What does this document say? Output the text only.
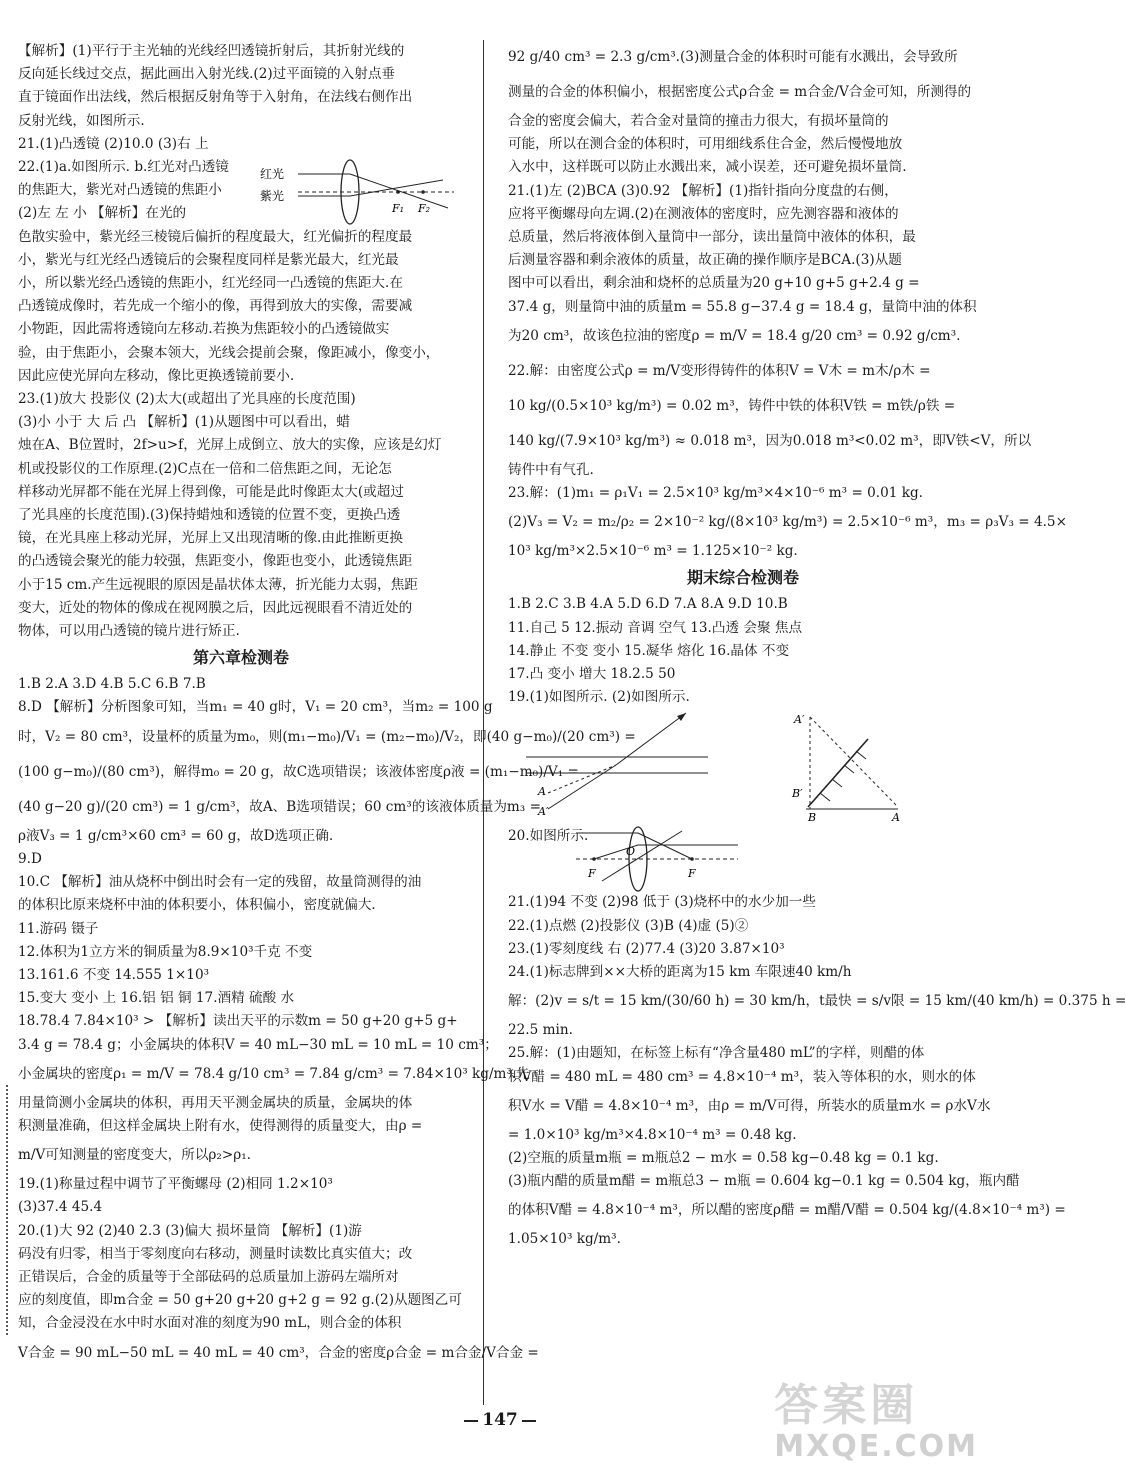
【解析】(1)平行于主光轴的光线经凹透镜折射后，其折射光线的
反向延长线过交点，据此画出入射光线.(2)过平面镜的入射点垂
直于镜面作出法线，然后根据反射角等于入射角，在法线右侧作出
反射光线，如图所示.
21.(1)凸透镜 (2)10.0 (3)右 上
22.(1)a.如图所示. b.红光对凸透镜
的焦距大，紫光对凸透镜的焦距小
(2)左 左 小 【解析】在光的
红光
紫光
F₁ F₂
色散实验中，紫光经三棱镜后偏折的程度最大，红光偏折的程度最
小，紫光与红光经凸透镜后的会聚程度同样是紫光最大，红光最
小，所以紫光经凸透镜的焦距小，红光经同一凸透镜的焦距大.在
凸透镜成像时，若先成一个缩小的像，再得到放大的实像，需要减
小物距，因此需将透镜向左移动.若换为焦距较小的凸透镜做实
验，由于焦距小，会聚本领大，光线会提前会聚，像距减小，像变小，
因此应使光屏向左移动，像比更换透镜前要小.
23.(1)放大 投影仪 (2)太大(或超出了光具座的长度范围)
(3)小 小于 大 后 凸 【解析】(1)从题图中可以看出，蜡
烛在A、B位置时，2f>u>f，光屏上成倒立、放大的实像，应该是幻灯
机或投影仪的工作原理.(2)C点在一倍和二倍焦距之间，无论怎
样移动光屏都不能在光屏上得到像，可能是此时像距太大(或超过
了光具座的长度范围).(3)保持蜡烛和透镜的位置不变，更换凸透
镜，在光具座上移动光屏，光屏上又出现清晰的像.由此推断更换
的凸透镜会聚光的能力较强，焦距变小，像距也变小，此透镜焦距
小于15 cm.产生远视眼的原因是晶状体太薄，折光能力太弱，焦距
变大，近处的物体的像成在视网膜之后，因此远视眼看不清近处的
物体，可以用凸透镜的镜片进行矫正.
第六章检测卷
1.B 2.A 3.D 4.B 5.C 6.B 7.B
8.D 【解析】分析图象可知，当m₁ = 40 g时，V₁ = 20 cm³，当m₂ = 100 g
时，V₂ = 80 cm³，设量杯的质量为m₀，则(m₁−m₀)/V₁ = (m₂−m₀)/V₂，即(40 g−m₀)/(20 cm³) =
(100 g−m₀)/(80 cm³)，解得m₀ = 20 g，故C选项错误；该液体密度ρ液 = (m₁−m₀)/V₁ =
(40 g−20 g)/(20 cm³) = 1 g/cm³，故A、B选项错误；60 cm³的该液体质量为m₃ =
ρ液V₃ = 1 g/cm³×60 cm³ = 60 g，故D选项正确.
9.D
10.C 【解析】油从烧杯中倒出时会有一定的残留，故量筒测得的油
的体积比原来烧杯中油的体积要小，体积偏小，密度就偏大.
11.游码 镊子
12.体积为1立方米的铜质量为8.9×10³千克 不变
13.161.6 不变 14.555 1×10³
15.变大 变小 上 16.铝 铝 铜 17.酒精 硫酸 水
18.78.4 7.84×10³ > 【解析】读出天平的示数m = 50 g+20 g+5 g+
3.4 g = 78.4 g；小金属块的体积V = 40 mL−30 mL = 10 mL = 10 cm³；
小金属块的密度ρ₁ = m/V = 78.4 g/10 cm³ = 7.84 g/cm³ = 7.84×10³ kg/m³.先
用量筒测小金属块的体积，再用天平测金属块的质量，金属块的体
积测量准确，但这样金属块上附有水，使得测得的质量变大，由ρ =
m/V可知测量的密度变大，所以ρ₂>ρ₁.
19.(1)称量过程中调节了平衡螺母 (2)相同 1.2×10³
(3)37.4 45.4
20.(1)大 92 (2)40 2.3 (3)偏大 损坏量筒 【解析】(1)游
码没有归零，相当于零刻度向右移动，测量时读数比真实值大；改
正错误后，合金的质量等于全部砝码的总质量加上游码左端所对
应的刻度值，即m合金 = 50 g+20 g+20 g+2 g = 92 g.(2)从题图乙可
知，合金浸没在水中时水面对准的刻度为90 mL，则合金的体积
V合金 = 90 mL−50 mL = 40 mL = 40 cm³，合金的密度ρ合金 = m合金/V合金 =
92 g/40 cm³ = 2.3 g/cm³.(3)测量合金的体积时可能有水溅出，会导致所
测量的合金的体积偏小，根据密度公式ρ合金 = m合金/V合金可知，所测得的
合金的密度会偏大，若合金对量筒的撞击力很大，有损坏量筒的
可能，所以在测合金的体积时，可用细线系住合金，然后慢慢地放
入水中，这样既可以防止水溅出来，减小误差，还可避免损坏量筒.
21.(1)左 (2)BCA (3)0.92 【解析】(1)指针指向分度盘的右侧，
应将平衡螺母向左调.(2)在测液体的密度时，应先测容器和液体的
总质量，然后将液体倒入量筒中一部分，读出量筒中液体的体积，最
后测量容器和剩余液体的质量，故正确的操作顺序是BCA.(3)从题
图中可以看出，剩余油和烧杯的总质量为20 g+10 g+5 g+2.4 g =
37.4 g，则量筒中油的质量m = 55.8 g−37.4 g = 18.4 g，量筒中油的体积
为20 cm³，故该色拉油的密度ρ = m/V = 18.4 g/20 cm³ = 0.92 g/cm³.
22.解：由密度公式ρ = m/V变形得铸件的体积V = V木 = m木/ρ木 =
10 kg/(0.5×10³ kg/m³) = 0.02 m³，铸件中铁的体积V铁 = m铁/ρ铁 =
140 kg/(7.9×10³ kg/m³) ≈ 0.018 m³，因为0.018 m³<0.02 m³，即V铁<V，所以
铸件中有气孔.
23.解：(1)m₁ = ρ₁V₁ = 2.5×10³ kg/m³×4×10⁻⁶ m³ = 0.01 kg.
(2)V₃ = V₂ = m₂/ρ₂ = 2×10⁻² kg/(8×10³ kg/m³) = 2.5×10⁻⁶ m³，m₃ = ρ₃V₃ = 4.5×
10³ kg/m³×2.5×10⁻⁶ m³ = 1.125×10⁻² kg.
期末综合检测卷
1.B 2.C 3.B 4.A 5.D 6.D 7.A 8.A 9.D 10.B
11.自己 5 12.振动 音调 空气 13.凸透 会聚 焦点
14.静止 不变 变小 15.凝华 熔化 16.晶体 不变
17.凸 变小 增大 18.2.5 50
19.(1)如图所示. (2)如图所示.
A
A′
A′
B′
B	A
20.如图所示.
F
O
F
21.(1)94 不变 (2)98 低于 (3)烧杯中的水少加一些
22.(1)点燃 (2)投影仪 (3)B (4)虚 (5)②
23.(1)零刻度线 右 (2)77.4 (3)20 3.87×10³
24.(1)标志牌到××大桥的距离为15 km 车限速40 km/h
解：(2)v = s/t = 15 km/(30/60 h) = 30 km/h，t最快 = s/v限 = 15 km/(40 km/h) = 0.375 h =
22.5 min.
25.解：(1)由题知，在标签上标有“净含量480 mL”的字样，则醋的体
积V醋 = 480 mL = 480 cm³ = 4.8×10⁻⁴ m³，装入等体积的水，则水的体
积V水 = V醋 = 4.8×10⁻⁴ m³，由ρ = m/V可得，所装水的质量m水 = ρ水V水
= 1.0×10³ kg/m³×4.8×10⁻⁴ m³ = 0.48 kg.
(2)空瓶的质量m瓶 = m瓶总2 − m水 = 0.58 kg−0.48 kg = 0.1 kg.
(3)瓶内醋的质量m醋 = m瓶总3 − m瓶 = 0.604 kg−0.1 kg = 0.504 kg，瓶内醋
的体积V醋 = 4.8×10⁻⁴ m³，所以醋的密度ρ醋 = m醋/V醋 = 0.504 kg/(4.8×10⁻⁴ m³) =
1.05×10³ kg/m³.
147	答案圈
MXQE.COM
